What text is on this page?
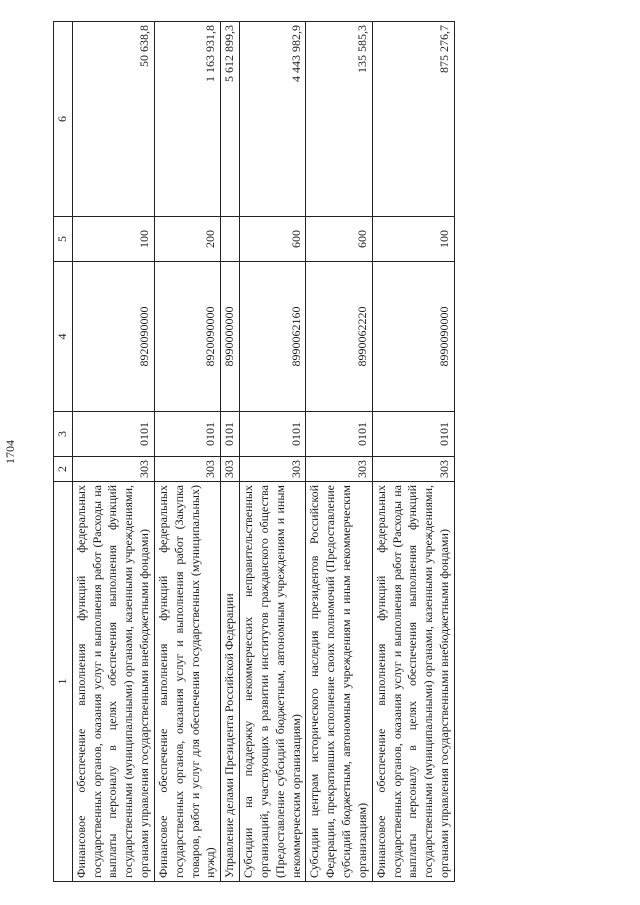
1704
1	2	3	4	5	6
Финансовое обеспечение выполнения функций федеральных государственных органов, оказания услуг и выполнения работ (Расходы на выплаты персоналу в целях обеспечения выполнения функций государственными (муниципальными) органами, казенными учреждениями, органами управления государственными внебюджетными фондами)	303	0101	8920090000	100	50 638,8
Финансовое обеспечение выполнения функций федеральных государственных органов, оказания услуг и выполнения работ (Закупка товаров, работ и услуг для обеспечения государственных (муниципальных) нужд)	303	0101	8920090000	200	1 163 931,8
Управление делами Президента Российской Федерации	303	0101	8990000000		5 612 899,3
Субсидии на поддержку некоммерческих неправительственных организаций, участвующих в развитии институтов гражданского общества (Предоставление субсидий бюджетным, автономным учреждениям и иным некоммерческим организациям)	303	0101	8990062160	600	4 443 982,9
Субсидии центрам исторического наследия президентов Российской Федерации, прекративших исполнение своих полномочий (Предоставление субсидий бюджетным, автономным учреждениям и иным некоммерческим организациям)	303	0101	8990062220	600	135 585,3
Финансовое обеспечение выполнения функций федеральных государственных органов, оказания услуг и выполнения работ (Расходы на выплаты персоналу в целях обеспечения выполнения функций государственными (муниципальными) органами, казенными учреждениями, органами управления государственными внебюджетными фондами)	303	0101	8990090000	100	875 276,7
